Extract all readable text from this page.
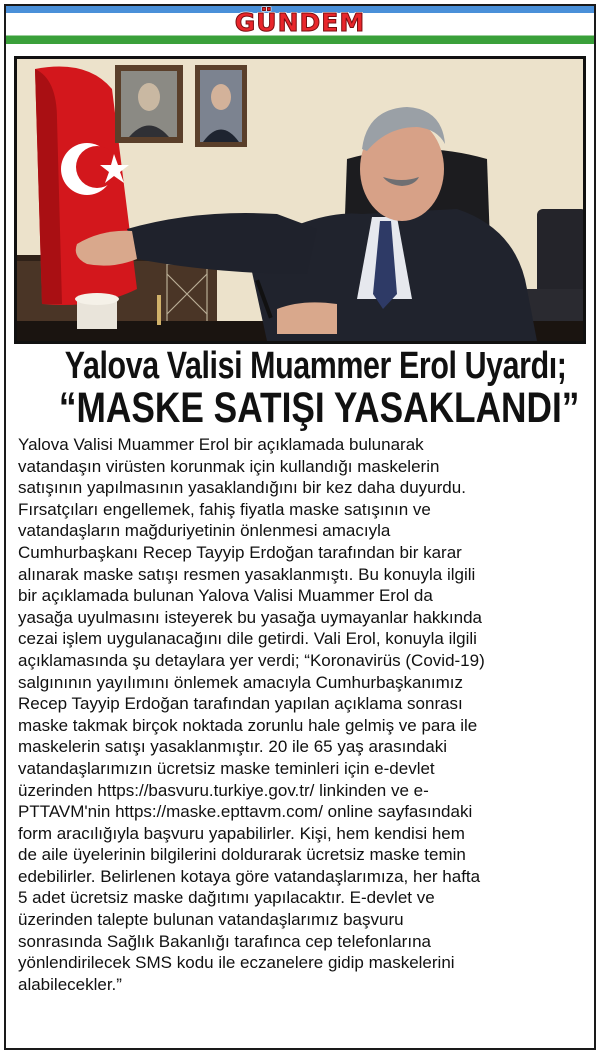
GÜNDEM
Yalova Valisi Muammer Erol Uyardı;
“MASKE SATIŞI YASAKLANDI”
Yalova Valisi Muammer Erol bir açıklamada bulunarak
vatandaşın virüsten korunmak için kullandığı maskelerin
satışının yapılmasının yasaklandığını bir kez daha duyurdu.
Fırsatçıları engellemek, fahiş fiyatla maske satışının ve
vatandaşların mağduriyetinin önlenmesi amacıyla
Cumhurbaşkanı Recep Tayyip Erdoğan tarafından bir karar
alınarak maske satışı resmen yasaklanmıştı. Bu konuyla ilgili
bir açıklamada bulunan Yalova Valisi Muammer Erol da
yasağa uyulmasını isteyerek bu yasağa uymayanlar hakkında
cezai işlem uygulanacağını dile getirdi. Vali Erol, konuyla ilgili
açıklamasında şu detaylara yer verdi; “Koronavirüs (Covid-19)
salgınının yayılımını önlemek amacıyla Cumhurbaşkanımız
Recep Tayyip Erdoğan tarafından yapılan açıklama sonrası
maske takmak birçok noktada zorunlu hale gelmiş ve para ile
maskelerin satışı yasaklanmıştır. 20 ile 65 yaş arasındaki
vatandaşlarımızın ücretsiz maske teminleri için e-devlet
üzerinden https://basvuru.turkiye.gov.tr/ linkinden ve e-
PTTAVM'nin https://maske.epttavm.com/ online sayfasındaki
form aracılığıyla başvuru yapabilirler. Kişi, hem kendisi hem
de aile üyelerinin bilgilerini doldurarak ücretsiz maske temin
edebilirler. Belirlenen kotaya göre vatandaşlarımıza, her hafta
5 adet ücretsiz maske dağıtımı yapılacaktır. E-devlet ve
üzerinden talepte bulunan vatandaşlarımız başvuru
sonrasında Sağlık Bakanlığı tarafınca cep telefonlarına
yönlendirilecek SMS kodu ile eczanelere gidip maskelerini
alabilecekler.”
